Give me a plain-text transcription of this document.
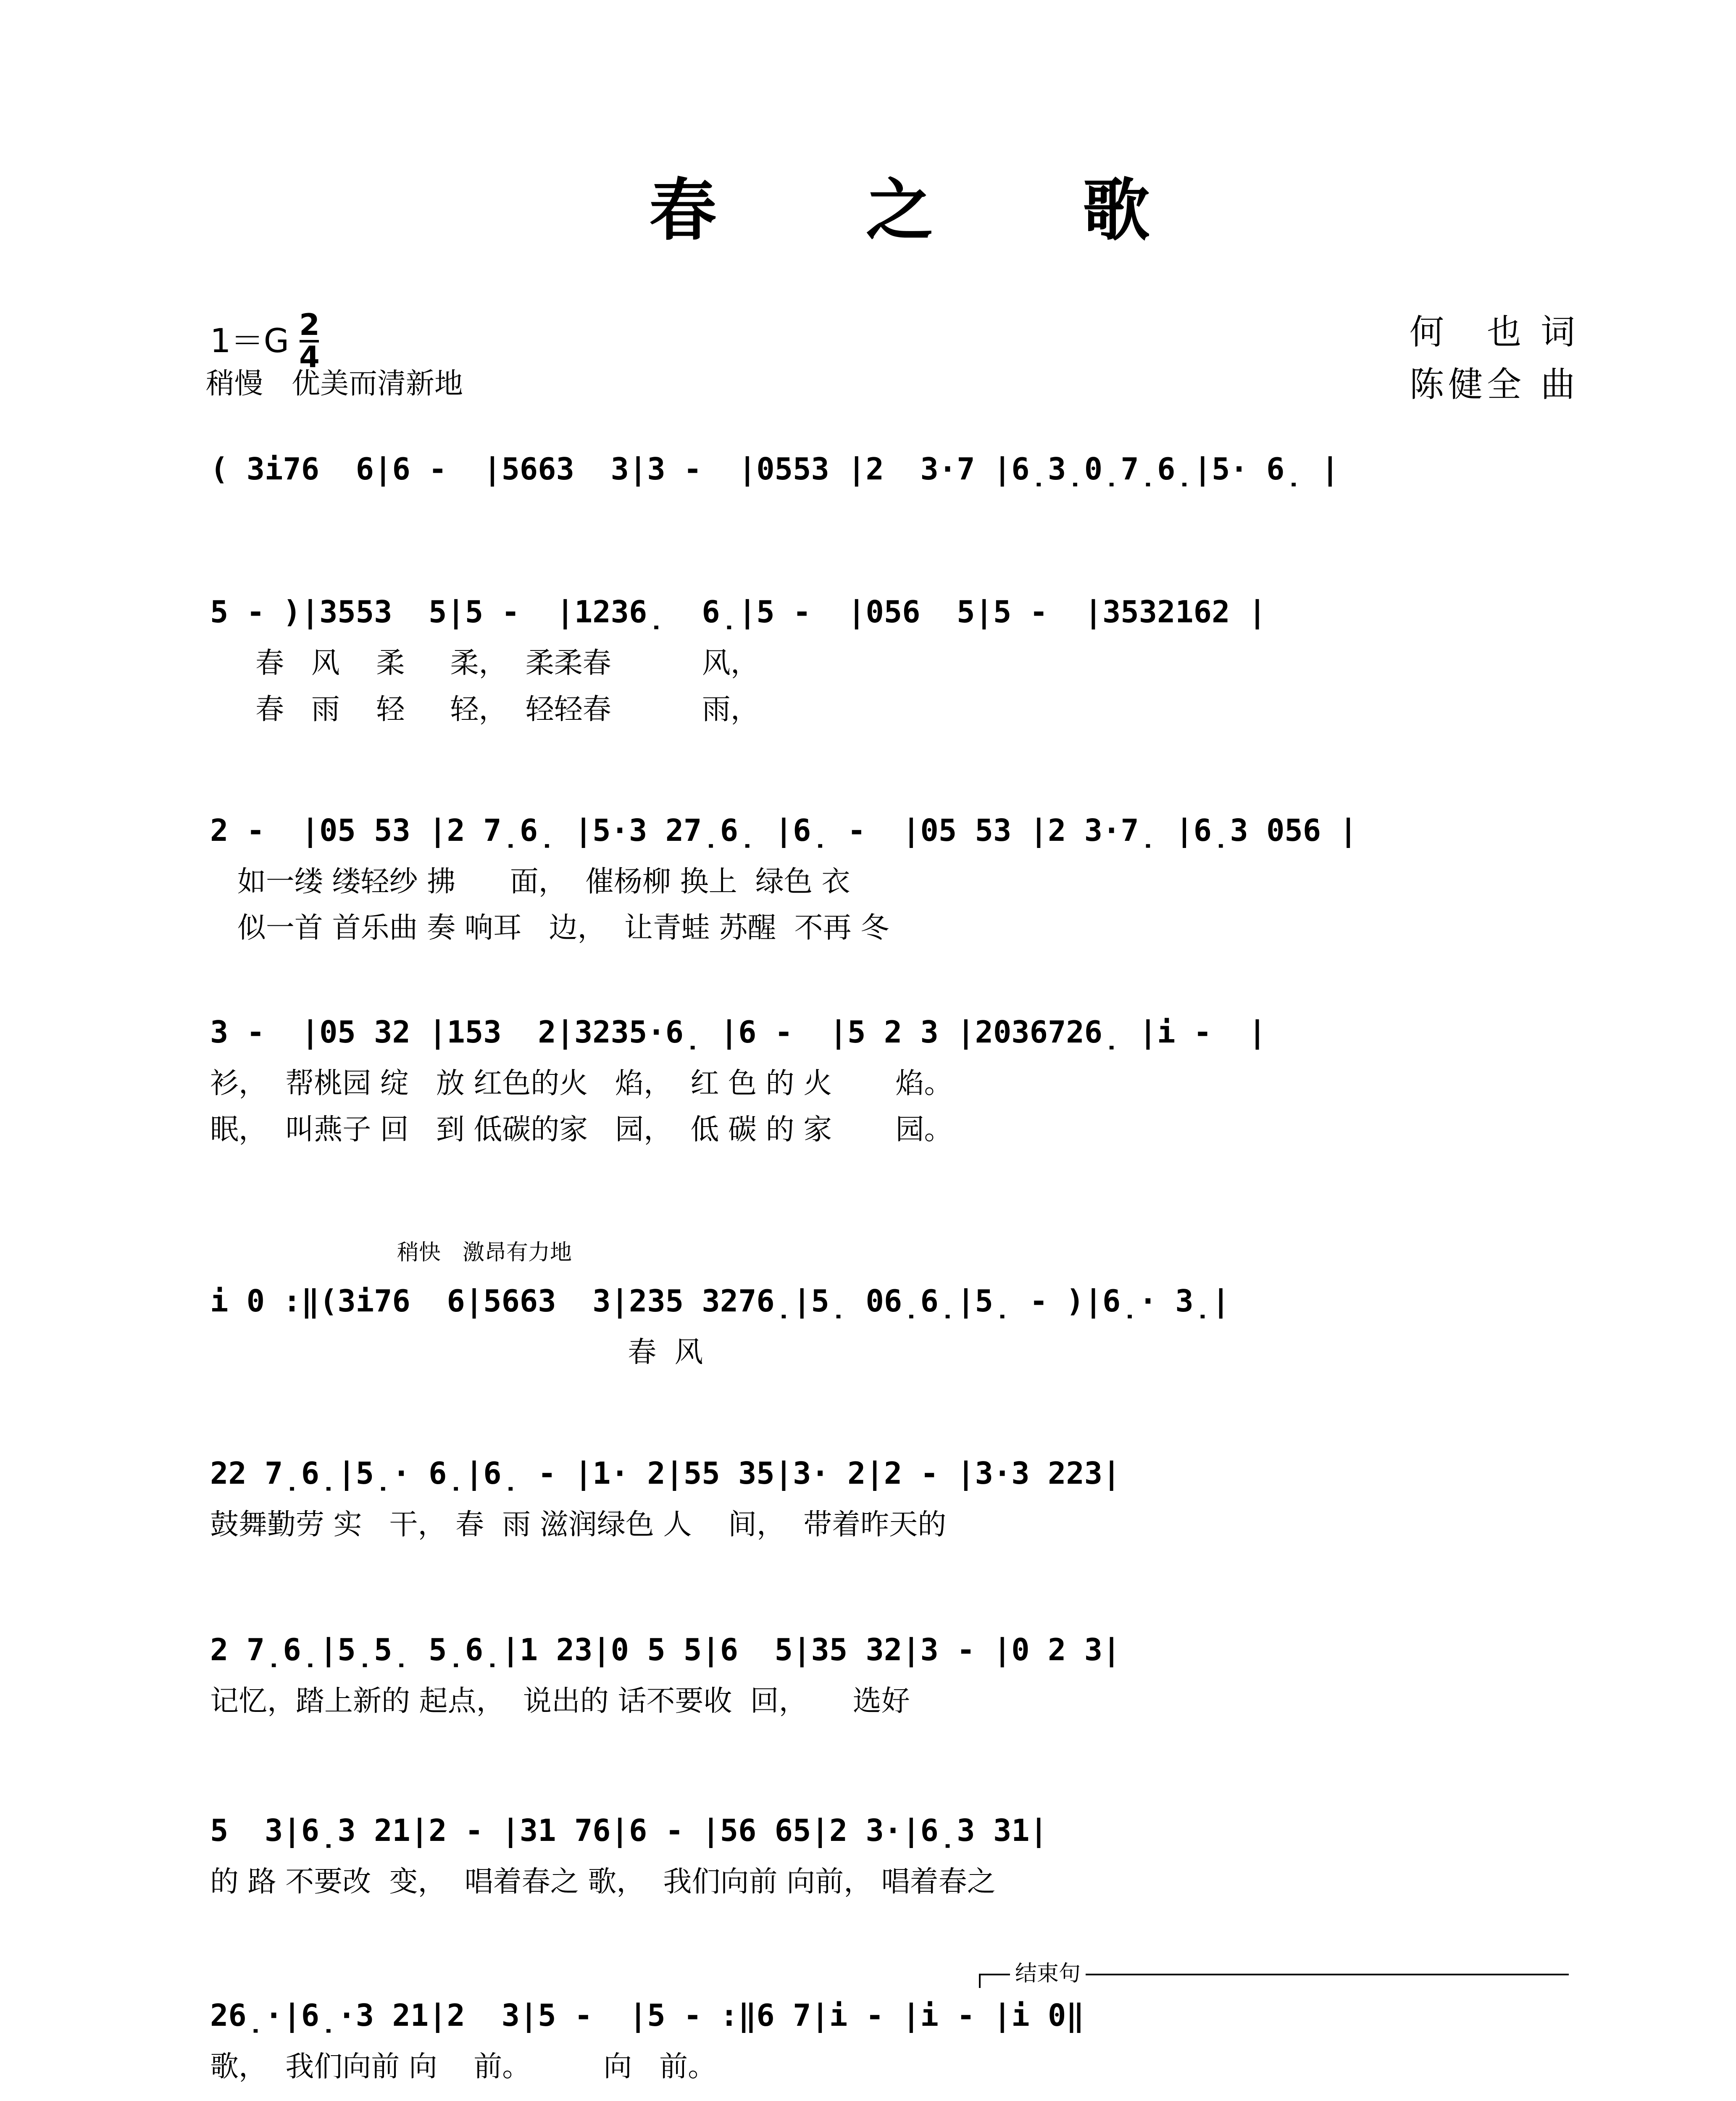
春 之 歌
1＝G 2
4
稍慢　优美而清新地
何　也 词
陈健全 曲
( 3i76  6|6 -  |5663  3|3 -  |0553 |2  3·7 |6̣3̣0̣7̣6̣|5· 6̣ |
5 - )|3553  5|5 -  |1236̣  6̣|5 -  |056  5|5 -  |3532162 |
春   风    柔     柔，  柔柔春          风，
春   雨    轻     轻，  轻轻春          雨，
2 -  |05 53 |2 7̣6̣ |5·3 27̣6̣ |6̣ -  |05 53 |2 3·7̣ |6̣3 056 |
如一缕 缕轻纱 拂      面，  催杨柳 换上  绿色 衣
似一首 首乐曲 奏 响耳   边，  让青蛙 苏醒  不再 冬
3 -  |05 32 |153  2|3235·6̣ |6 -  |5 2 3 |2036726̣ |i -  |
衫，  帮桃园 绽   放 红色的火   焰，  红 色 的 火       焰。
眠，  叫燕子 回   到 低碳的家   园，  低 碳 的 家       园。
i 0 :‖(3i76  6|5663  3|235 3276̣|5̣ 06̣6̣|5̣ - )|6̣· 3̣|
春  风
22 7̣6̣|5̣· 6̣|6̣ - |1· 2|55 35|3· 2|2 - |3·3 223|
鼓舞勤劳 实   干， 春  雨 滋润绿色 人    间，  带着昨天的
2 7̣6̣|5̣5̣ 5̣6̣|1 23|0 5 5|6  5|35 32|3 - |0 2 3|
记忆，踏上新的 起点，  说出的 话不要收  回，     选好
5  3|6̣3 21|2 - |31 76|6 - |56 65|2 3·|6̣3 31|
的 路 不要改  变，  唱着春之 歌，  我们向前 向前， 唱着春之
26̣·|6̣·3 21|2  3|5 -  |5 - :‖6 7|i - |i - |i 0‖
歌，  我们向前 向    前。        向   前。
稍快　激昂有力地

结束句
